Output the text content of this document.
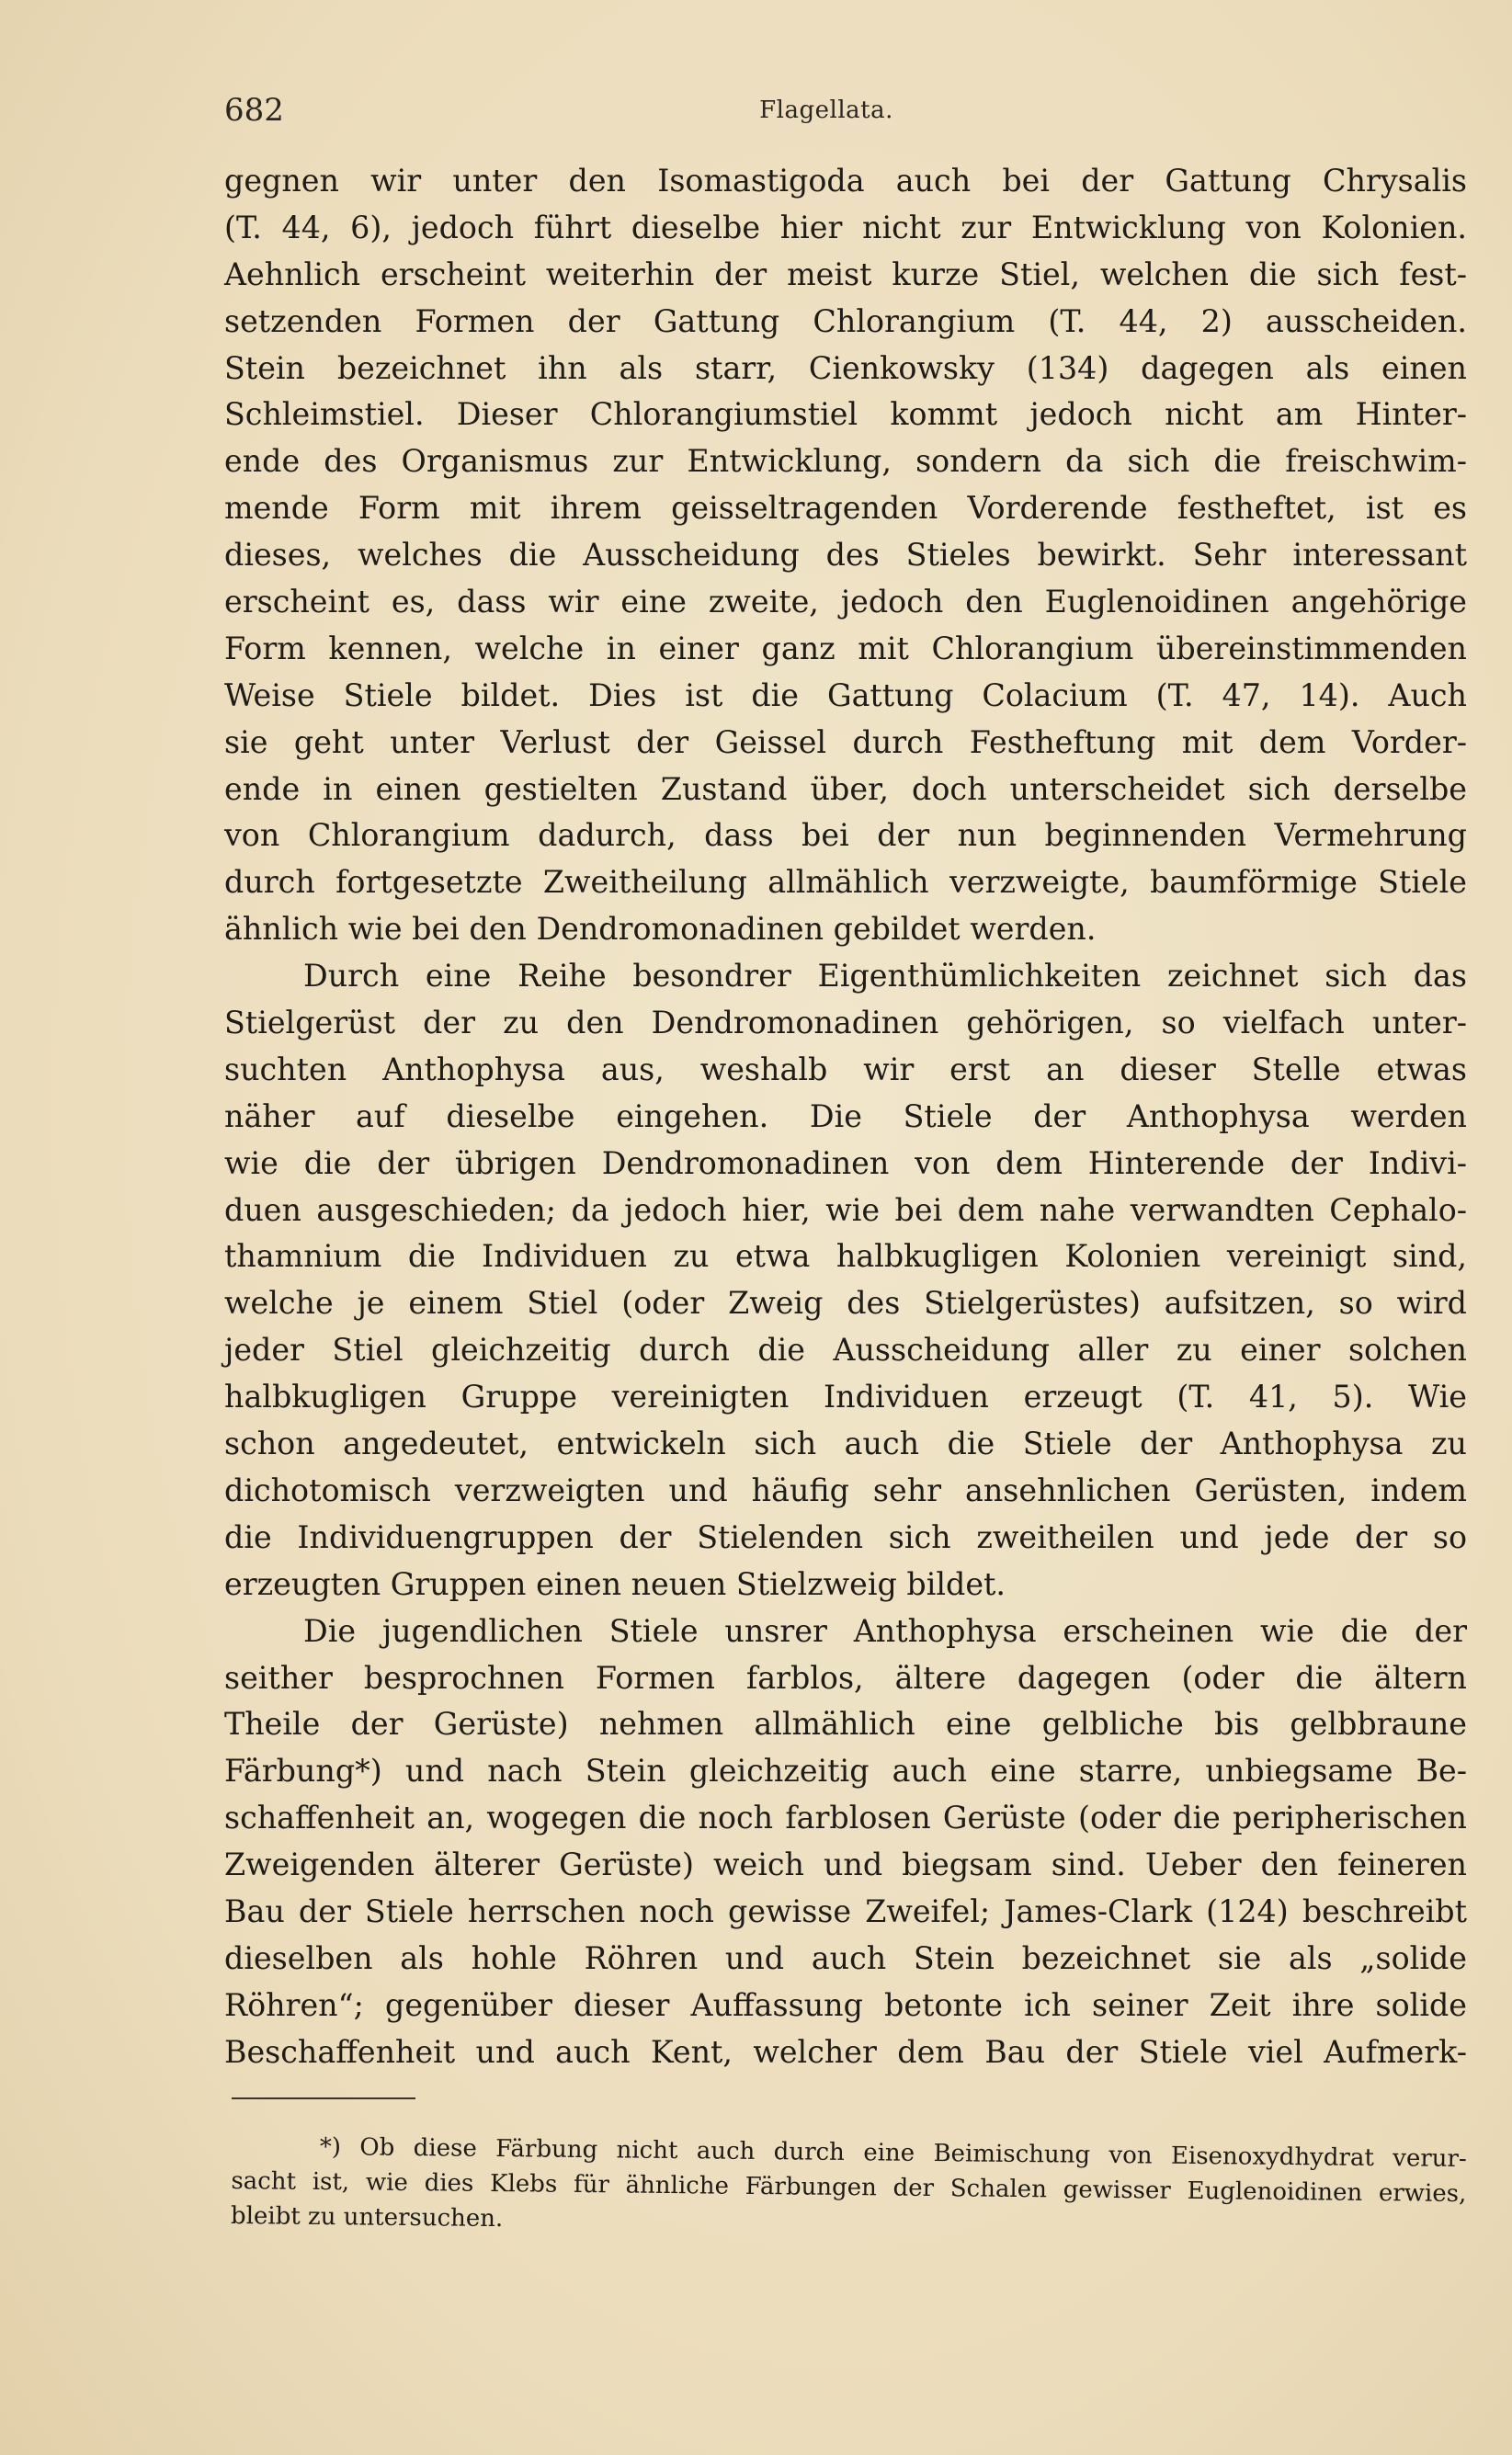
682	Flagellata.
gegnen wir unter den Isomastigoda auch bei der Gattung Chrysalis
(T. 44, 6), jedoch führt dieselbe hier nicht zur Entwicklung von Kolonien.
Aehnlich erscheint weiterhin der meist kurze Stiel, welchen die sich fest-
setzenden Formen der Gattung Chlorangium (T. 44, 2) ausscheiden.
Stein bezeichnet ihn als starr, Cienkowsky (134) dagegen als einen
Schleimstiel. Dieser Chlorangiumstiel kommt jedoch nicht am Hinter-
ende des Organismus zur Entwicklung, sondern da sich die freischwim-
mende Form mit ihrem geisseltragenden Vorderende festheftet, ist es
dieses, welches die Ausscheidung des Stieles bewirkt. Sehr interessant
erscheint es, dass wir eine zweite, jedoch den Euglenoidinen angehörige
Form kennen, welche in einer ganz mit Chlorangium übereinstimmenden
Weise Stiele bildet. Dies ist die Gattung Colacium (T. 47, 14). Auch
sie geht unter Verlust der Geissel durch Festheftung mit dem Vorder-
ende in einen gestielten Zustand über, doch unterscheidet sich derselbe
von Chlorangium dadurch, dass bei der nun beginnenden Vermehrung
durch fortgesetzte Zweitheilung allmählich verzweigte, baumförmige Stiele
ähnlich wie bei den Dendromonadinen gebildet werden.
Durch eine Reihe besondrer Eigenthümlichkeiten zeichnet sich das
Stielgerüst der zu den Dendromonadinen gehörigen, so vielfach unter-
suchten Anthophysa aus, weshalb wir erst an dieser Stelle etwas
näher auf dieselbe eingehen. Die Stiele der Anthophysa werden
wie die der übrigen Dendromonadinen von dem Hinterende der Indivi-
duen ausgeschieden; da jedoch hier, wie bei dem nahe verwandten Cephalo-
thamnium die Individuen zu etwa halbkugligen Kolonien vereinigt sind,
welche je einem Stiel (oder Zweig des Stielgerüstes) aufsitzen, so wird
jeder Stiel gleichzeitig durch die Ausscheidung aller zu einer solchen
halbkugligen Gruppe vereinigten Individuen erzeugt (T. 41, 5). Wie
schon angedeutet, entwickeln sich auch die Stiele der Anthophysa zu
dichotomisch verzweigten und häufig sehr ansehnlichen Gerüsten, indem
die Individuengruppen der Stielenden sich zweitheilen und jede der so
erzeugten Gruppen einen neuen Stielzweig bildet.
Die jugendlichen Stiele unsrer Anthophysa erscheinen wie die der
seither besprochnen Formen farblos, ältere dagegen (oder die ältern
Theile der Gerüste) nehmen allmählich eine gelbliche bis gelbbraune
Färbung*) und nach Stein gleichzeitig auch eine starre, unbiegsame Be-
schaffenheit an, wogegen die noch farblosen Gerüste (oder die peripherischen
Zweigenden älterer Gerüste) weich und biegsam sind. Ueber den feineren
Bau der Stiele herrschen noch gewisse Zweifel; James-Clark (124) beschreibt
dieselben als hohle Röhren und auch Stein bezeichnet sie als „solide
Röhren“; gegenüber dieser Auffassung betonte ich seiner Zeit ihre solide
Beschaffenheit und auch Kent, welcher dem Bau der Stiele viel Aufmerk-
*) Ob diese Färbung nicht auch durch eine Beimischung von Eisenoxydhydrat verur-
sacht ist, wie dies Klebs für ähnliche Färbungen der Schalen gewisser Euglenoidinen erwies,
bleibt zu untersuchen.
